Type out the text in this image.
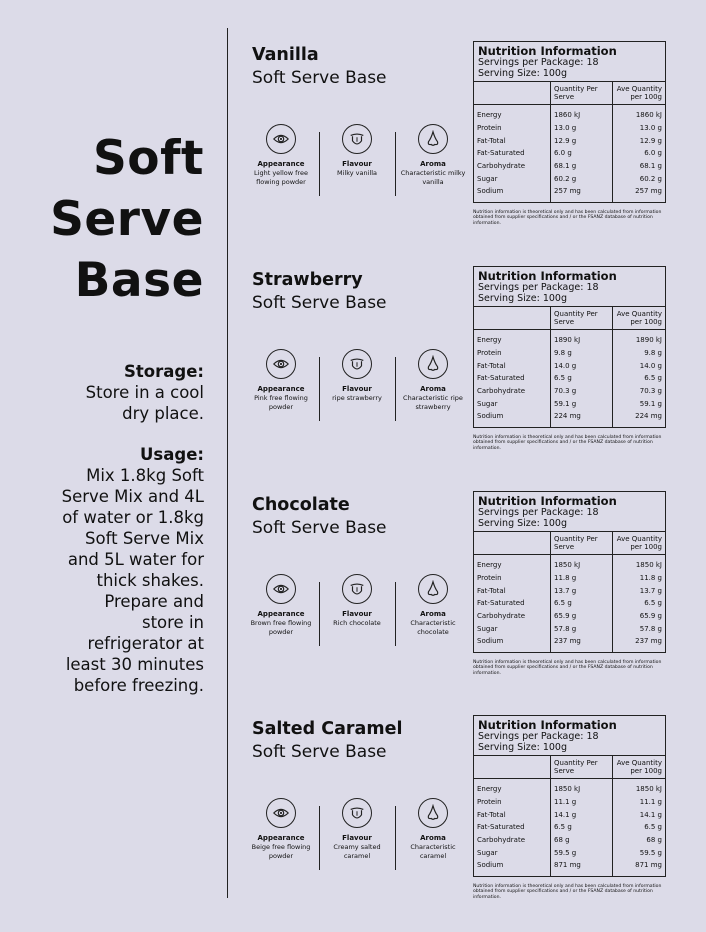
Soft
Serve
Base
Storage:
Store in a cool dry place.
Usage:
Mix 1.8kg Soft Serve Mix and 4L of water or 1.8kg Soft Serve Mix and 5L water for thick shakes. Prepare and store in refrigerator at least 30 minutes before freezing.
Vanilla
Soft Serve Base
Appearance
Light yellow free flowing powder
Flavour
Milky vanilla
Aroma
Characteristic milky vanilla
Nutrition Information
Servings per Package: 18
Serving Size: 100g
	Quantity Per Serve	Ave Quantity per 100g

Energy	1860 kJ	1860 kJ
Protein	13.0 g	13.0 g
Fat-Total	12.9 g	12.9 g
Fat-Saturated	6.0 g	6.0 g
Carbohydrate	68.1 g	68.1 g
Sugar	60.2 g	60.2 g
Sodium	257 mg	257 mg

Nutrition information is theoretical only and has been calculated from information obtained from supplier specifications and / or the FSANZ database of nutrition information.
Strawberry
Soft Serve Base
Appearance
Pink free flowing powder
Flavour
ripe strawberry
Aroma
Characteristic ripe strawberry
Nutrition Information
Servings per Package: 18
Serving Size: 100g
	Quantity Per Serve	Ave Quantity per 100g

Energy	1890 kJ	1890 kJ
Protein	9.8 g	9.8 g
Fat-Total	14.0 g	14.0 g
Fat-Saturated	6.5 g	6.5 g
Carbohydrate	70.3 g	70.3 g
Sugar	59.1 g	59.1 g
Sodium	224 mg	224 mg

Nutrition information is theoretical only and has been calculated from information obtained from supplier specifications and / or the FSANZ database of nutrition information.
Chocolate
Soft Serve Base
Appearance
Brown free flowing powder
Flavour
Rich chocolate
Aroma
Characteristic chocolate
Nutrition Information
Servings per Package: 18
Serving Size: 100g
	Quantity Per Serve	Ave Quantity per 100g

Energy	1850 kJ	1850 kJ
Protein	11.8 g	11.8 g
Fat-Total	13.7 g	13.7 g
Fat-Saturated	6.5 g	6.5 g
Carbohydrate	65.9 g	65.9 g
Sugar	57.8 g	57.8 g
Sodium	237 mg	237 mg

Nutrition information is theoretical only and has been calculated from information obtained from supplier specifications and / or the FSANZ database of nutrition information.
Salted Caramel
Soft Serve Base
Appearance
Beige free flowing powder
Flavour
Creamy salted caramel
Aroma
Characteristic caramel
Nutrition Information
Servings per Package: 18
Serving Size: 100g
	Quantity Per Serve	Ave Quantity per 100g

Energy	1850 kJ	1850 kJ
Protein	11.1 g	11.1 g
Fat-Total	14.1 g	14.1 g
Fat-Saturated	6.5 g	6.5 g
Carbohydrate	68 g	68 g
Sugar	59.5 g	59.5 g
Sodium	871 mg	871 mg

Nutrition information is theoretical only and has been calculated from information obtained from supplier specifications and / or the FSANZ database of nutrition information.
